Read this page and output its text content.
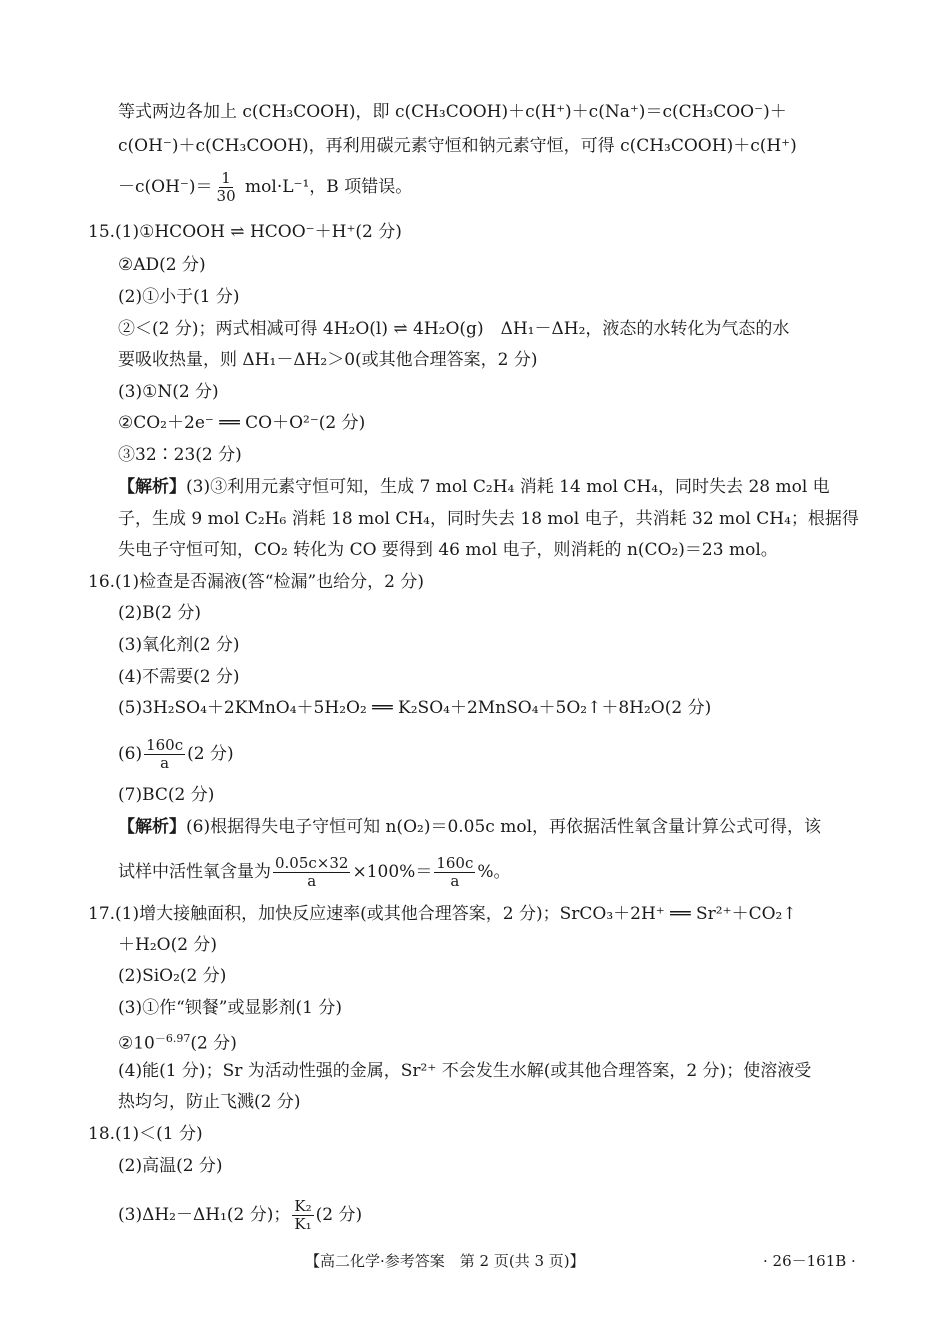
等式两边各加上 c(CH₃COOH)，即 c(CH₃COOH)＋c(H⁺)＋c(Na⁺)＝c(CH₃COO⁻)＋
c(OH⁻)＋c(CH₃COOH)，再利用碳元素守恒和钠元素守恒，可得 c(CH₃COOH)＋c(H⁺)
$-c(OH^-)= \frac{1}{30} mol\cdot L^{-1}$，B 项错误。
15.(1)①HCOOH ⇌ HCOO⁻＋H⁺(2 分)
②AD(2 分)
(2)①小于(1 分)
②＜(2 分)；两式相减可得 4H₂O(l) ⇌ 4H₂O(g)　ΔH₁－ΔH₂，液态的水转化为气态的水
要吸收热量，则 ΔH₁－ΔH₂＞0(或其他合理答案，2 分)
(3)①N(2 分)
②CO₂＋2e⁻ ══ CO＋O²⁻(2 分)
③32∶23(2 分)
【解析】(3)③利用元素守恒可知，生成 7 mol C₂H₄ 消耗 14 mol CH₄，同时失去 28 mol 电
子，生成 9 mol C₂H₆ 消耗 18 mol CH₄，同时失去 18 mol 电子，共消耗 32 mol CH₄；根据得
失电子守恒可知，CO₂ 转化为 CO 要得到 46 mol 电子，则消耗的 n(CO₂)＝23 mol。
16.(1)检查是否漏液(答“检漏”也给分，2 分)
(2)B(2 分)
(3)氧化剂(2 分)
(4)不需要(2 分)
(5)3H₂SO₄＋2KMnO₄＋5H₂O₂ ══ K₂SO₄＋2MnSO₄＋5O₂↑＋8H₂O(2 分)
$(6) \frac{160c}{a} (2$ 分)
(7)BC(2 分)
【解析】(6)根据得失电子守恒可知 n(O₂)＝0.05c mol，再依据活性氧含量计算公式可得，该
试样中活性氧含量为 $\frac{0.05c\times 32}{a} \times 100\%= \frac{160c}{a}$ %。
17.(1)增大接触面积，加快反应速率(或其他合理答案，2 分)；SrCO₃＋2H⁺ ══ Sr²⁺＋CO₂↑
＋H₂O(2 分)
(2)SiO₂(2 分)
(3)①作“钡餐”或显影剂(1 分)
$②10^{-6.97}(2$ 分)
(4)能(1 分)；Sr 为活动性强的金属，Sr²⁺ 不会发生水解(或其他合理答案，2 分)；使溶液受
热均匀，防止飞溅(2 分)
18.(1)＜(1 分)
(2)高温(2 分)
(3)ΔH₂－ΔH₁(2 分)； $\frac{\text{K₂}}{\text{K₁}} (2$ 分)
【高二化学·参考答案　第 2 页(共 3 页)】	· 26－161B ·
